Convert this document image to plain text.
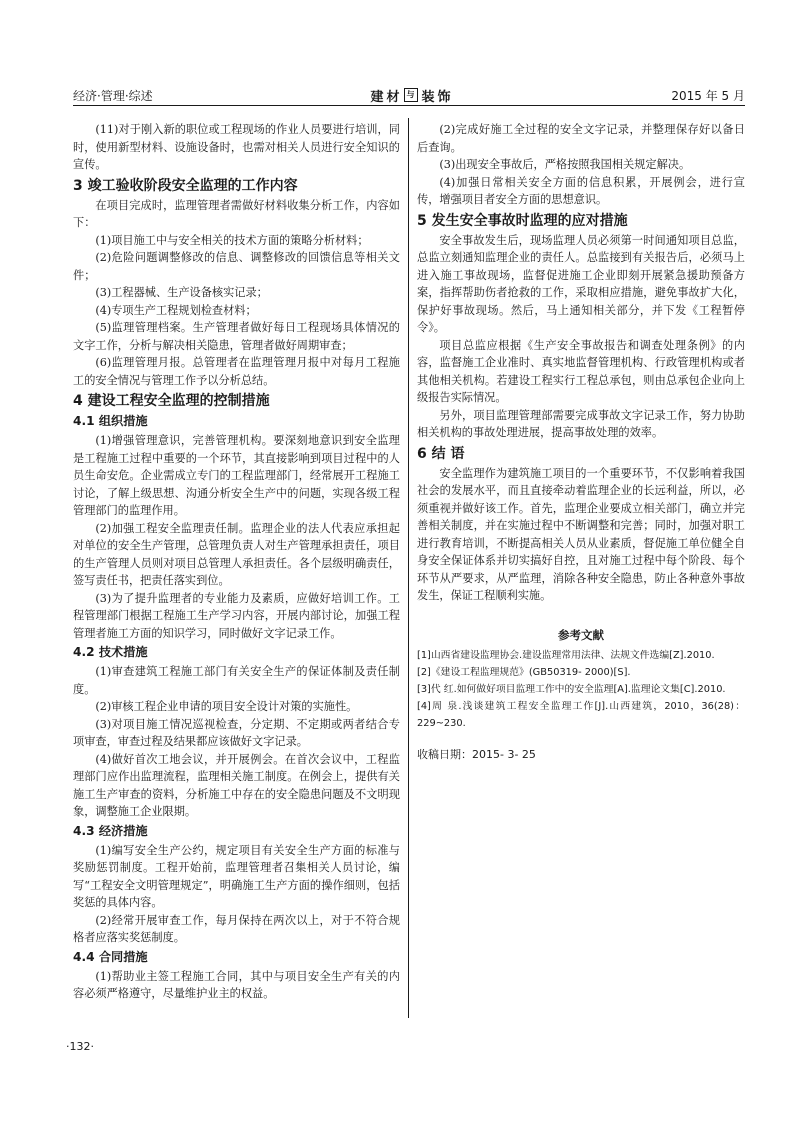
经济·管理·综述	建材 与 装饰	2015 年 5 月

(11)对于刚入新的职位或工程现场的作业人员要进行培训，同时，使用新型材料、设施设备时，也需对相关人员进行安全知识的宣传。

3 竣工验收阶段安全监理的工作内容

在项目完成时，监理管理者需做好材料收集分析工作，内容如下：

(1)项目施工中与安全相关的技术方面的策略分析材料；

(2)危险问题调整修改的信息、调整修改的回馈信息等相关文件；

(3)工程器械、生产设备核实记录；

(4)专项生产工程规划检查材料；

(5)监理管理档案。生产管理者做好每日工程现场具体情况的文字工作，分析与解决相关隐患，管理者做好周期审查；

(6)监理管理月报。总管理者在监理管理月报中对每月工程施工的安全情况与管理工作予以分析总结。

4 建设工程安全监理的控制措施
4.1 组织措施

(1)增强管理意识，完善管理机构。要深刻地意识到安全监理是工程施工过程中重要的一个环节，其直接影响到项目过程中的人员生命安危。企业需成立专门的工程监理部门，经常展开工程施工讨论，了解上级思想、沟通分析安全生产中的问题，实现各级工程管理部门的监理作用。

(2)加强工程安全监理责任制。监理企业的法人代表应承担起对单位的安全生产管理，总管理负责人对生产管理承担责任，项目的生产管理人员则对项目总管理人承担责任。各个层级明确责任，签写责任书，把责任落实到位。

(3)为了提升监理者的专业能力及素质，应做好培训工作。工程管理部门根据工程施工生产学习内容，开展内部讨论，加强工程管理者施工方面的知识学习，同时做好文字记录工作。

4.2 技术措施

(1)审查建筑工程施工部门有关安全生产的保证体制及责任制度。

(2)审核工程企业申请的项目安全设计对策的实施性。

(3)对项目施工情况巡视检查，分定期、不定期或两者结合专项审查，审查过程及结果都应该做好文字记录。

(4)做好首次工地会议，并开展例会。在首次会议中，工程监理部门应作出监理流程，监理相关施工制度。在例会上，提供有关施工生产审查的资料，分析施工中存在的安全隐患问题及不文明现象，调整施工企业限期。

4.3 经济措施

(1)编写安全生产公约，规定项目有关安全生产方面的标准与奖励惩罚制度。工程开始前，监理管理者召集相关人员讨论，编写“工程安全文明管理规定”，明确施工生产方面的操作细则，包括奖惩的具体内容。

(2)经常开展审查工作，每月保持在两次以上，对于不符合规格者应落实奖惩制度。

4.4 合同措施

(1)帮助业主签工程施工合同，其中与项目安全生产有关的内容必须严格遵守，尽量维护业主的权益。

(2)完成好施工全过程的安全文字记录，并整理保存好以备日后查询。

(3)出现安全事故后，严格按照我国相关规定解决。

(4)加强日常相关安全方面的信息积累，开展例会，进行宣传，增强项目者安全方面的思想意识。

5 发生安全事故时监理的应对措施

安全事故发生后，现场监理人员必须第一时间通知项目总监，总监立刻通知监理企业的责任人。总监接到有关报告后，必须马上进入施工事故现场，监督促进施工企业即刻开展紧急援助预备方案，指挥帮助伤者抢救的工作，采取相应措施，避免事故扩大化，保护好事故现场。然后，马上通知相关部分，并下发《工程暂停令》。

项目总监应根据《生产安全事故报告和调查处理条例》的内容，监督施工企业准时、真实地监督管理机构、行政管理机构或者其他相关机构。若建设工程实行工程总承包，则由总承包企业向上级报告实际情况。

另外，项目监理管理部需要完成事故文字记录工作，努力协助相关机构的事故处理进展，提高事故处理的效率。

6 结 语

安全监理作为建筑施工项目的一个重要环节，不仅影响着我国社会的发展水平，而且直接牵动着监理企业的长远利益，所以，必须重视并做好该工作。首先，监理企业要成立相关部门，确立并完善相关制度，并在实施过程中不断调整和完善；同时，加强对职工进行教育培训，不断提高相关人员从业素质，督促施工单位健全自身安全保证体系并切实搞好自控，且对施工过程中每个阶段、每个环节从严要求，从严监理，消除各种安全隐患，防止各种意外事故发生，保证工程顺利实施。

参考文献

[1]山西省建设监理协会.建设监理常用法律、法规文件选编[Z].2010.

[2]《建设工程监理规范》(GB50319- 2000)[S].

[3]代 红.如何做好项目监理工作中的安全监理[A].监理论文集[C].2010.

[4]周 泉.浅谈建筑工程安全监理工作[J].山西建筑，2010，36(28)：229~230.

收稿日期：2015- 3- 25

·132·
